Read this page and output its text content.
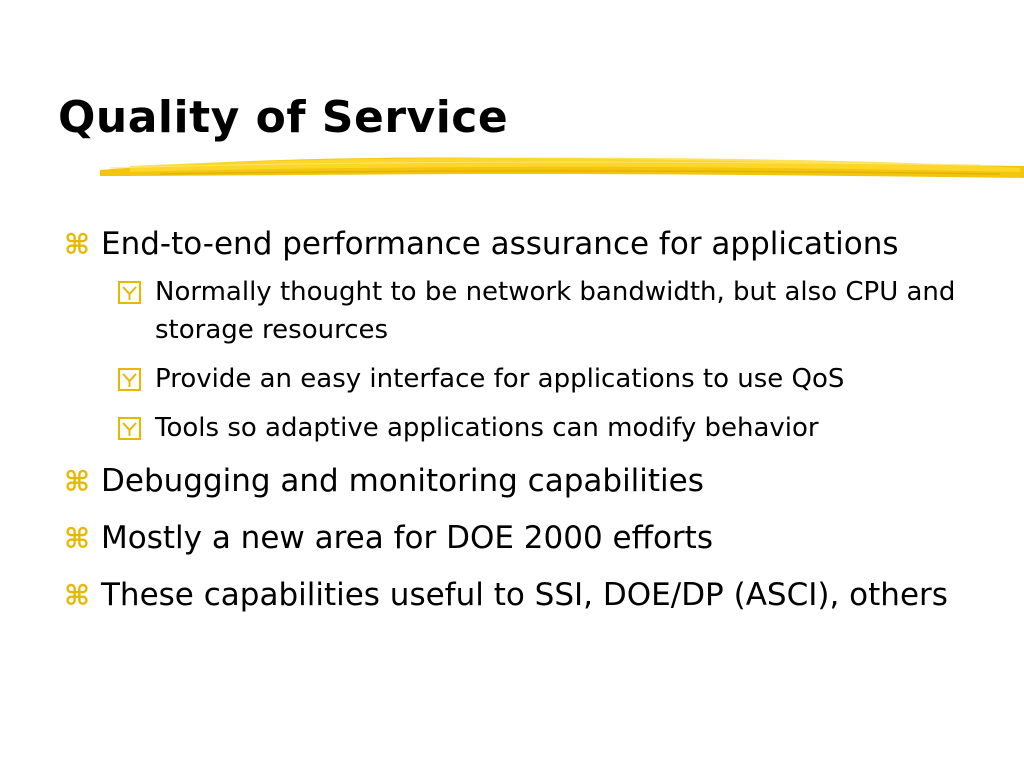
Quality of Service
⌘ End-to-end performance assurance for applications
Normally thought to be network bandwidth, but also CPU and storage resources
Provide an easy interface for applications to use QoS
Tools so adaptive applications can modify behavior
⌘ Debugging and monitoring capabilities
⌘ Mostly a new area for DOE 2000 efforts
⌘ These capabilities useful to SSI, DOE/DP (ASCI), others
